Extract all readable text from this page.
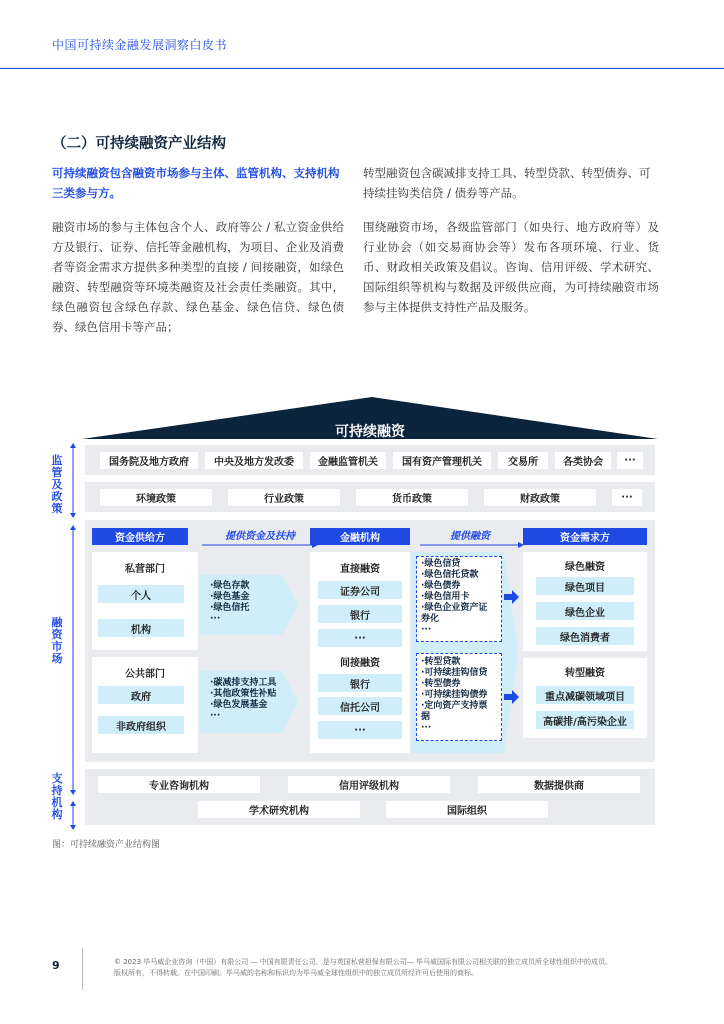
中国可持续金融发展洞察白皮书
（二）可持续融资产业结构
可持续融资包含融资市场参与主体、监管机构、支持机构三类参与方。
融资市场的参与主体包含个人、政府等公 / 私立资金供给方及银行、证券、信托等金融机构，为项目、企业及消费者等资金需求方提供多种类型的直接 / 间接融资，如绿色融资、转型融资等环境类融资及社会责任类融资。其中，绿色融资包含绿色存款、绿色基金、绿色信贷、绿色债券、绿色信用卡等产品；
转型融资包含碳减排支持工具、转型贷款、转型债券、可持续挂钩类信贷 / 债券等产品。
围绕融资市场，各级监管部门（如央行、地方政府等）及行业协会（如交易商协会等）发布各项环境、行业、货币、财政相关政策及倡议。咨询、信用评级、学术研究、国际组织等机构与数据及评级供应商，为可持续融资市场参与主体提供支持性产品及服务。
可持续融资
监管及政策
融资市场
支持机构
国务院及地方政府	中央及地方发改委	金融监管机关	国有资产管理机关	交易所	各类协会	···
环境政策	行业政策	货币政策	财政政策	···
资金供给方	提供资金及扶持	金融机构	提供融资	资金需求方
私营部门
个人
机构
公共部门
政府
非政府组织
·绿色存款
·绿色基金
·绿色信托
···
·碳减排支持工具
·其他政策性补贴
·绿色发展基金
···
直接融资
证券公司
银行
···
间接融资
银行
信托公司
···
·绿色信贷
·绿色信托贷款
·绿色债券
·绿色信用卡
·绿色企业资产证
券化
···
·转型贷款
·可持续挂钩信贷
·转型债券
·可持续挂钩债券
·定向资产支持票
据
···
绿色融资
绿色项目
绿色企业
绿色消费者
转型融资
重点减碳领域项目
高碳排/高污染企业
专业咨询机构	信用评级机构	数据提供商
学术研究机构	国际组织
图：可持续融资产业结构图
9	© 2023 毕马威企业咨询（中国）有限公司 — 中国有限责任公司，是与英国私营担保有限公司— 毕马威国际有限公司相关联的独立成员所全球性组织中的成员。
版权所有，不得转载。在中国印刷。毕马威的名称和标识均为毕马威全球性组织中的独立成员所经许可后使用的商标。
